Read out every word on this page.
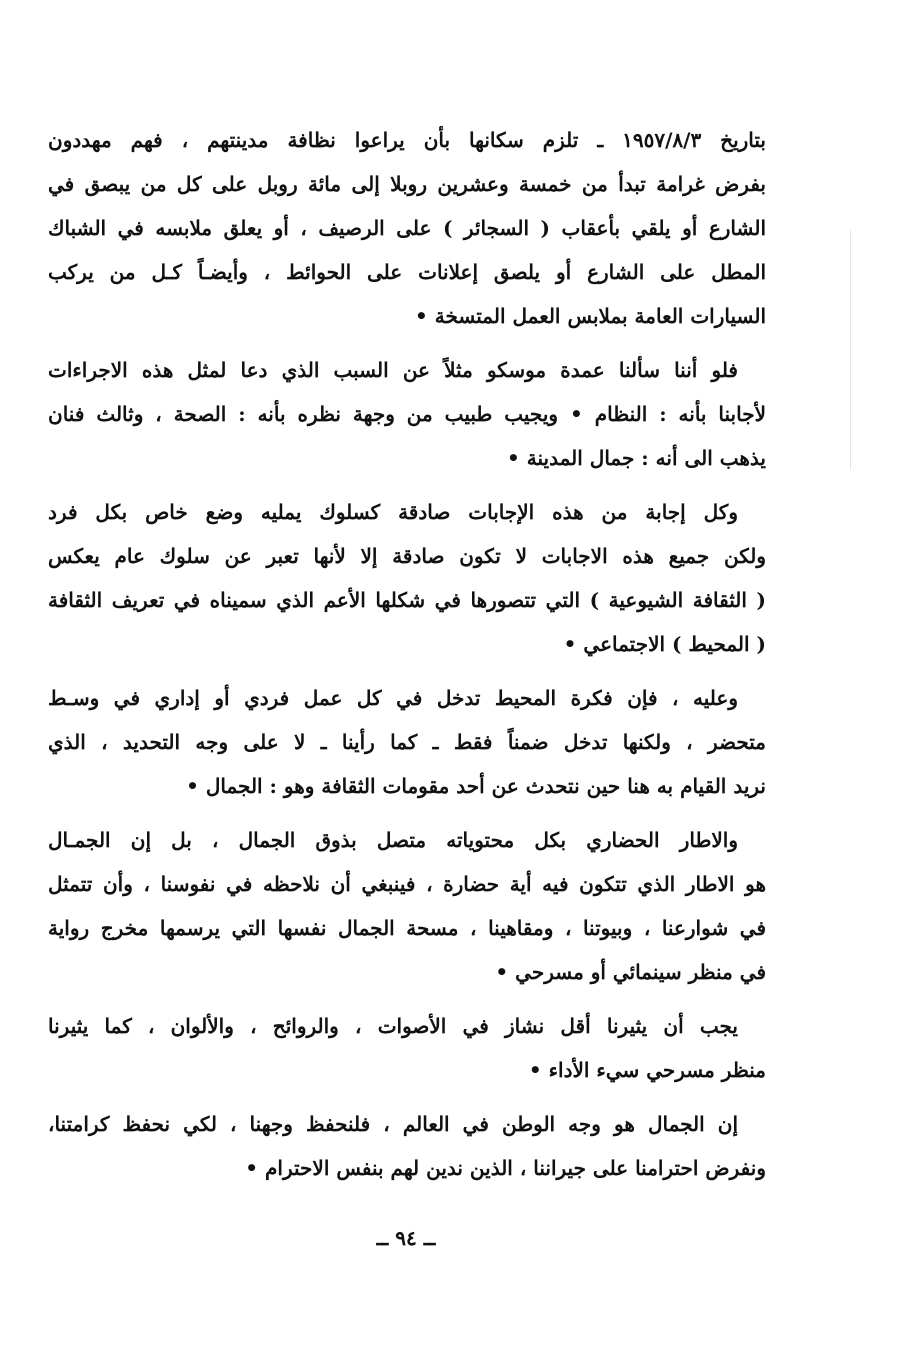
بتاريخ ١٩٥٧/٨/٣ ـ تلزم سكانها بأن يراعوا نظافة مدينتهم ، فهم مهددون
بفرض غرامة تبدأ من خمسة وعشرين روبلا إلى مائة روبل على كل من يبصق في
الشارع أو يلقي بأعقاب ( السجائر ) على الرصيف ، أو يعلق ملابسه في الشباك
المطل على الشارع أو يلصق إعلانات على الحوائط ، وأيضـاً كـل من يركب
السيارات العامة بملابس العمل المتسخة •
فلو أننا سألنا عمدة موسكو مثلاً عن السبب الذي دعا لمثل هذه الاجراءات
لأجابنا بأنه : النظام • ويجيب طبيب من وجهة نظره بأنه : الصحة ، وثالث فنان
يذهب الى أنه : جمال المدينة •
وكل إجابة من هذه الإجابات صادقة كسلوك يمليه وضع خاص بكل فرد
ولكن جميع هذه الاجابات لا تكون صادقة إلا لأنها تعبر عن سلوك عام يعكس
( الثقافة الشيوعية ) التي تتصورها في شكلها الأعم الذي سميناه في تعريف الثقافة
( المحيط ) الاجتماعي •
وعليه ، فإن فكرة المحيط تدخل في كل عمل فردي أو إداري في وسـط
متحضر ، ولكنها تدخل ضمناً فقط ـ كما رأينا ـ لا على وجه التحديد ، الذي
نريد القيام به هنا حين نتحدث عن أحد مقومات الثقافة وهو : الجمال •
والاطار الحضاري بكل محتوياته متصل بذوق الجمال ، بل إن الجمـال
هو الاطار الذي تتكون فيه أية حضارة ، فينبغي أن نلاحظه في نفوسنا ، وأن تتمثل
في شوارعنا ، وبيوتنا ، ومقاهينا ، مسحة الجمال نفسها التي يرسمها مخرج رواية
في منظر سينمائي أو مسرحي •
يجب أن يثيرنا أقل نشاز في الأصوات ، والروائح ، والألوان ، كما يثيرنا
منظر مسرحي سيء الأداء •
إن الجمال هو وجه الوطن في العالم ، فلنحفظ وجهنا ، لكي نحفظ كرامتنا،
ونفرض احترامنا على جيراننا ، الذين ندين لهم بنفس الاحترام •
ــ ٩٤ ــ
